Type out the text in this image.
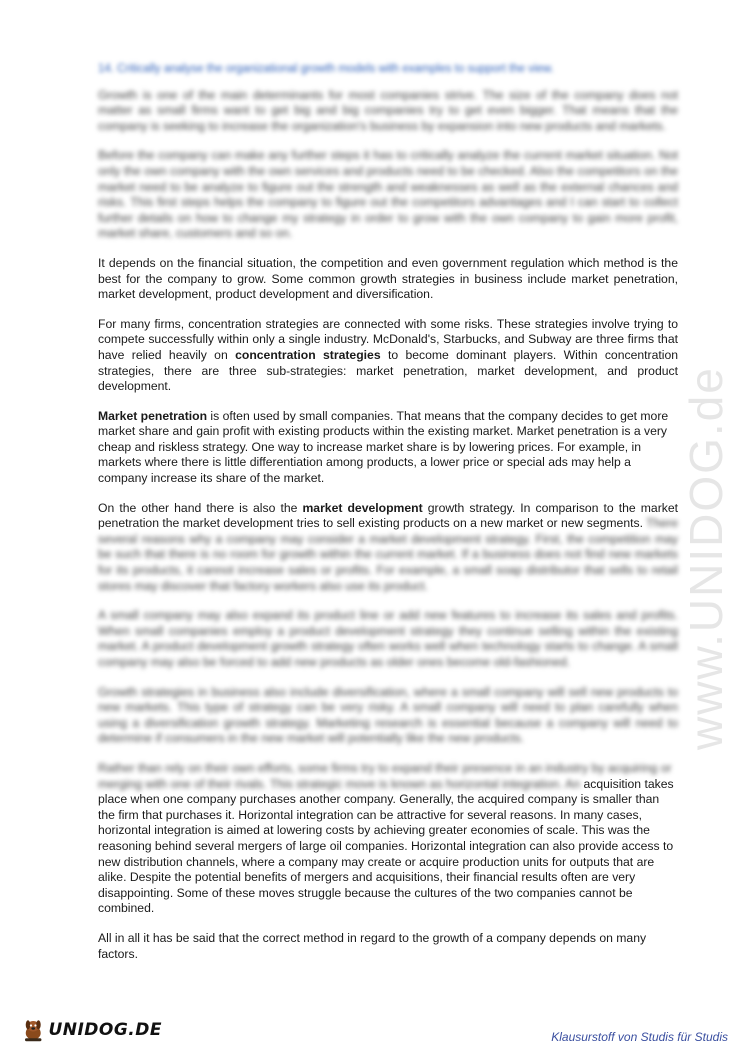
14. Critically analyse the organizational growth models with examples to support the view.

Growth is one of the main determinants for most companies strive. The size of the company does not matter as small firms want to get big and big companies try to get even bigger. That means that the company is seeking to increase the organization's business by expansion into new products and markets.

Before the company can make any further steps it has to critically analyze the current market situation. Not only the own company with the own services and products need to be checked. Also the competitors on the market need to be analyze to figure out the strength and weaknesses as well as the external chances and risks. This first steps helps the company to figure out the competitors advantages and I can start to collect further details on how to change my strategy in order to grow with the own company to gain more profit, market share, customers and so on.

It depends on the financial situation, the competition and even government regulation which method is the best for the company to grow. Some common growth strategies in business include market penetration, market development, product development and diversification.

For many firms, concentration strategies are connected with some risks. These strategies involve trying to compete successfully within only a single industry. McDonald's, Starbucks, and Subway are three firms that have relied heavily on concentration strategies to become dominant players. Within concentration strategies, there are three sub-strategies: market penetration, market development, and product development.

Market penetration is often used by small companies. That means that the company decides to get more market share and gain profit with existing products within the existing market. Market penetration is a very cheap and riskless strategy. One way to increase market share is by lowering prices. For example, in markets where there is little differentiation among products, a lower price or special ads may help a company increase its share of the market.

On the other hand there is also the market development growth strategy. In comparison to the market penetration the market development tries to sell existing products on a new market or new segments. There several reasons why a company may consider a market development strategy. First, the competition may be such that there is no room for growth within the current market. If a business does not find new markets for its products, it cannot increase sales or profits. For example, a small soap distributor that sells to retail stores may discover that factory workers also use its product.

A small company may also expand its product line or add new features to increase its sales and profits. When small companies employ a product development strategy they continue selling within the existing market. A product development growth strategy often works well when technology starts to change. A small company may also be forced to add new products as older ones become old-fashioned.

Growth strategies in business also include diversification, where a small company will sell new products to new markets. This type of strategy can be very risky. A small company will need to plan carefully when using a diversification growth strategy. Marketing research is essential because a company will need to determine if consumers in the new market will potentially like the new products.

Rather than rely on their own efforts, some firms try to expand their presence in an industry by acquiring or merging with one of their rivals. This strategic move is known as horizontal integration. An acquisition takes place when one company purchases another company. Generally, the acquired company is smaller than the firm that purchases it. Horizontal integration can be attractive for several reasons. In many cases, horizontal integration is aimed at lowering costs by achieving greater economies of scale. This was the reasoning behind several mergers of large oil companies. Horizontal integration can also provide access to new distribution channels, where a company may create or acquire production units for outputs that are alike. Despite the potential benefits of mergers and acquisitions, their financial results often are very disappointing. Some of these moves struggle because the cultures of the two companies cannot be combined.

All in all it has be said that the correct method in regard to the growth of a company depends on many factors.

www.UNIDOG.de
UNIDOG.DE	Klausurstoff von Studis für Studis
